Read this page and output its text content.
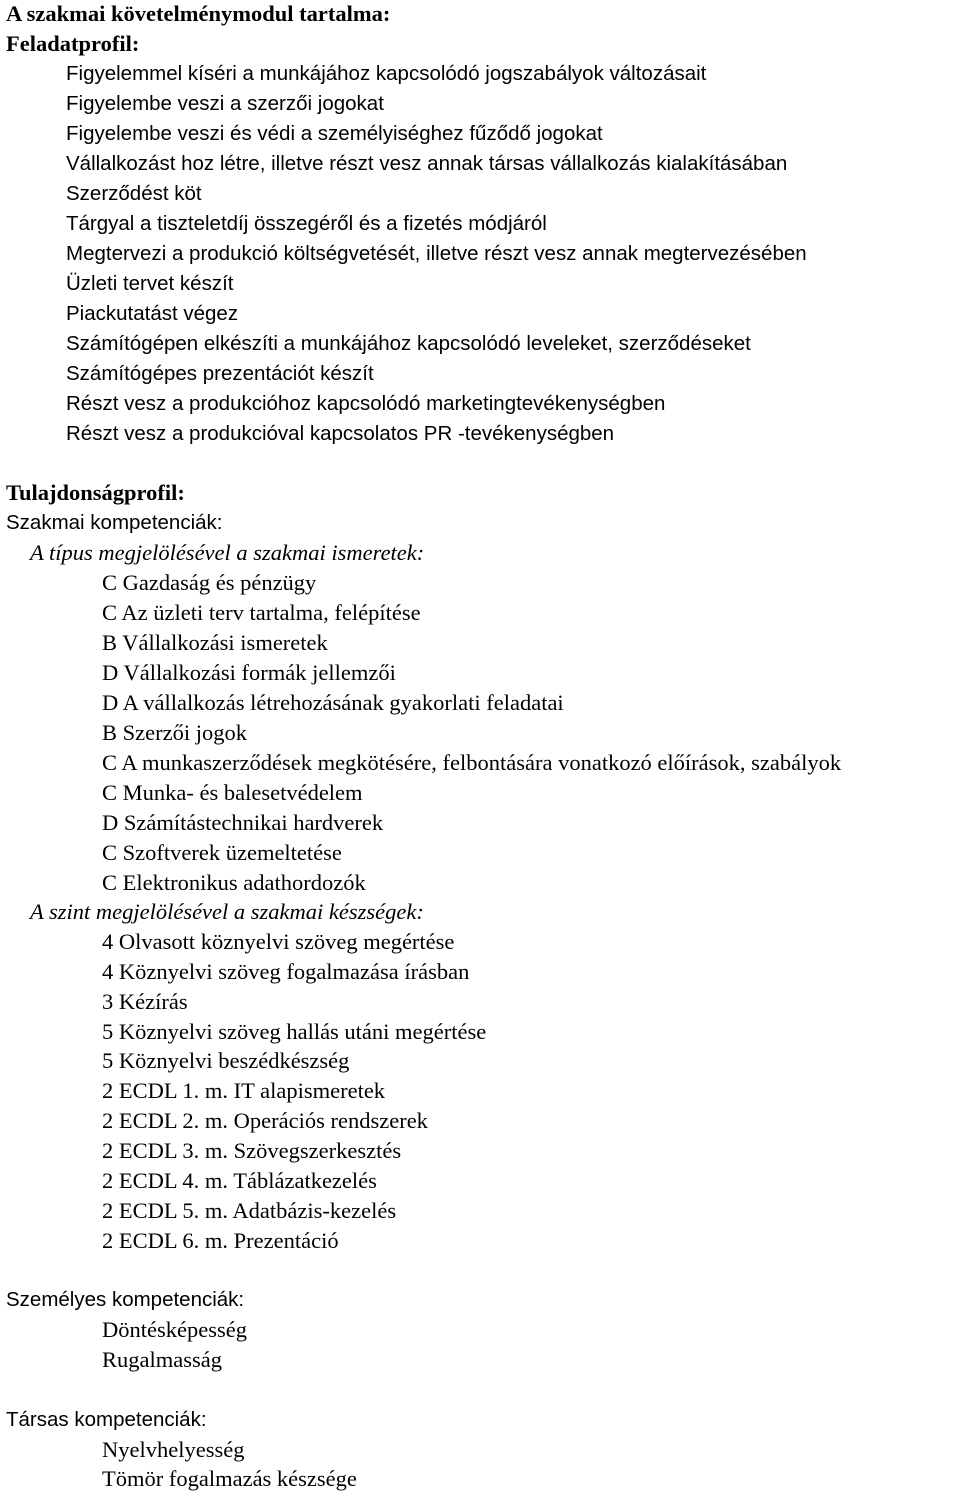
A szakmai követelménymodul tartalma:
Feladatprofil:
Figyelemmel kíséri a munkájához kapcsolódó jogszabályok változásait
Figyelembe veszi a szerzői jogokat
Figyelembe veszi és védi a személyiséghez fűződő jogokat
Vállalkozást hoz létre, illetve részt vesz annak társas vállalkozás kialakításában
Szerződést köt
Tárgyal a tiszteletdíj összegéről és a fizetés módjáról
Megtervezi a produkció költségvetését, illetve részt vesz annak megtervezésében
Üzleti tervet készít
Piackutatást végez
Számítógépen elkészíti a munkájához kapcsolódó leveleket, szerződéseket
Számítógépes prezentációt készít
Részt vesz a produkcióhoz kapcsolódó marketingtevékenységben
Részt vesz a produkcióval kapcsolatos PR -tevékenységben
Tulajdonságprofil:
Szakmai kompetenciák:
A típus megjelölésével a szakmai ismeretek:
C Gazdaság és pénzügy
C Az üzleti terv tartalma, felépítése
B Vállalkozási ismeretek
D Vállalkozási formák jellemzői
D A vállalkozás létrehozásának gyakorlati feladatai
B Szerzői jogok
C A munkaszerződések megkötésére, felbontására vonatkozó előírások, szabályok
C Munka- és balesetvédelem
D Számítástechnikai hardverek
C Szoftverek üzemeltetése
C Elektronikus adathordozók
A szint megjelölésével a szakmai készségek:
4 Olvasott köznyelvi szöveg megértése
4 Köznyelvi szöveg fogalmazása írásban
3 Kézírás
5 Köznyelvi szöveg hallás utáni megértése
5 Köznyelvi beszédkészség
2 ECDL 1. m. IT alapismeretek
2 ECDL 2. m. Operációs rendszerek
2 ECDL 3. m. Szövegszerkesztés
2 ECDL 4. m. Táblázatkezelés
2 ECDL 5. m. Adatbázis-kezelés
2 ECDL 6. m. Prezentáció
Személyes kompetenciák:
Döntésképesség
Rugalmasság
Társas kompetenciák:
Nyelvhelyesség
Tömör fogalmazás készsége
